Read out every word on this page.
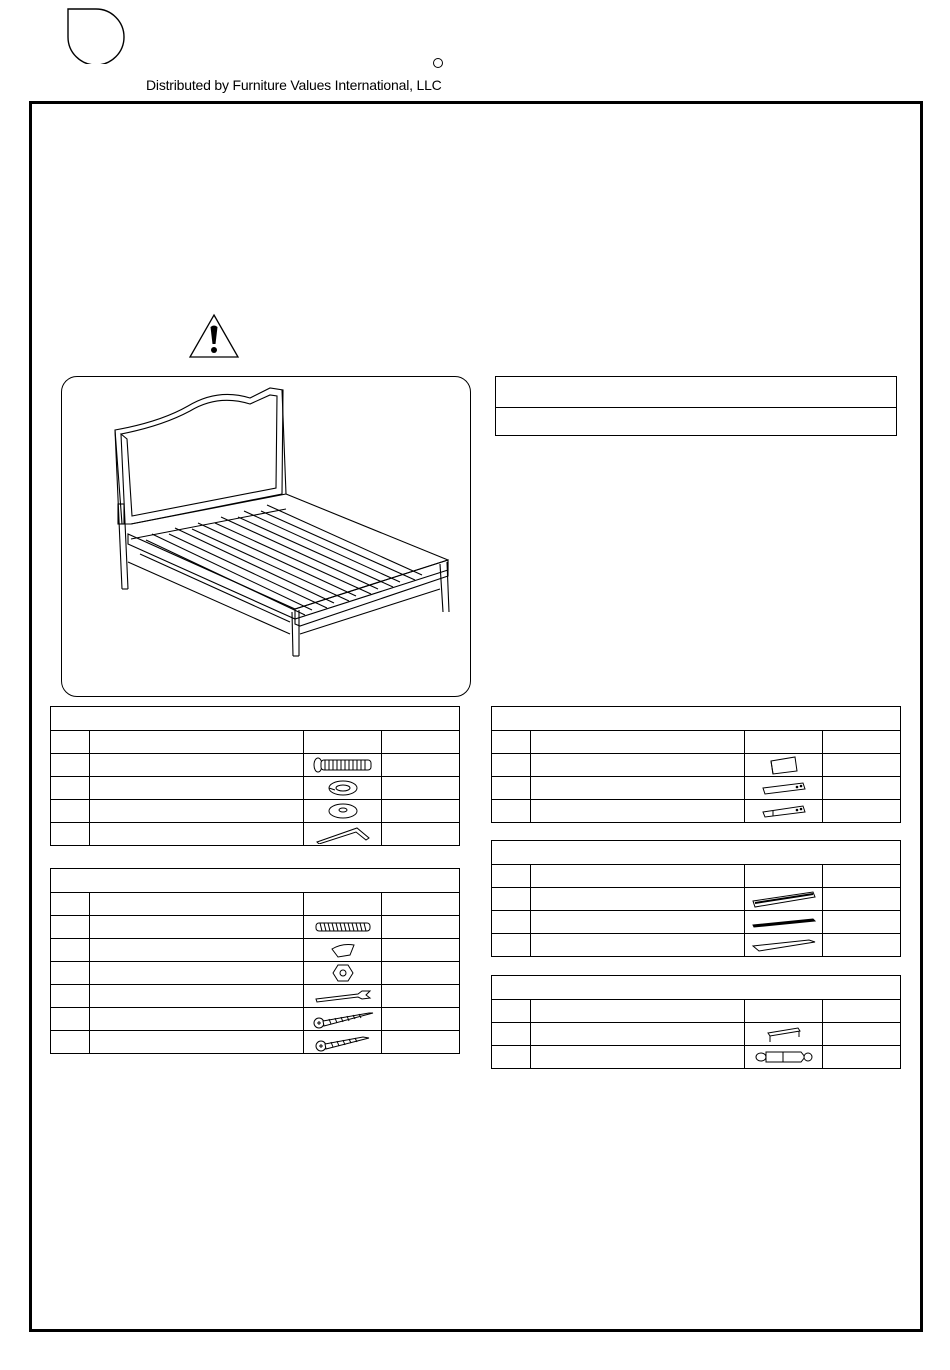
Distributed by Furniture Values International, LLC
